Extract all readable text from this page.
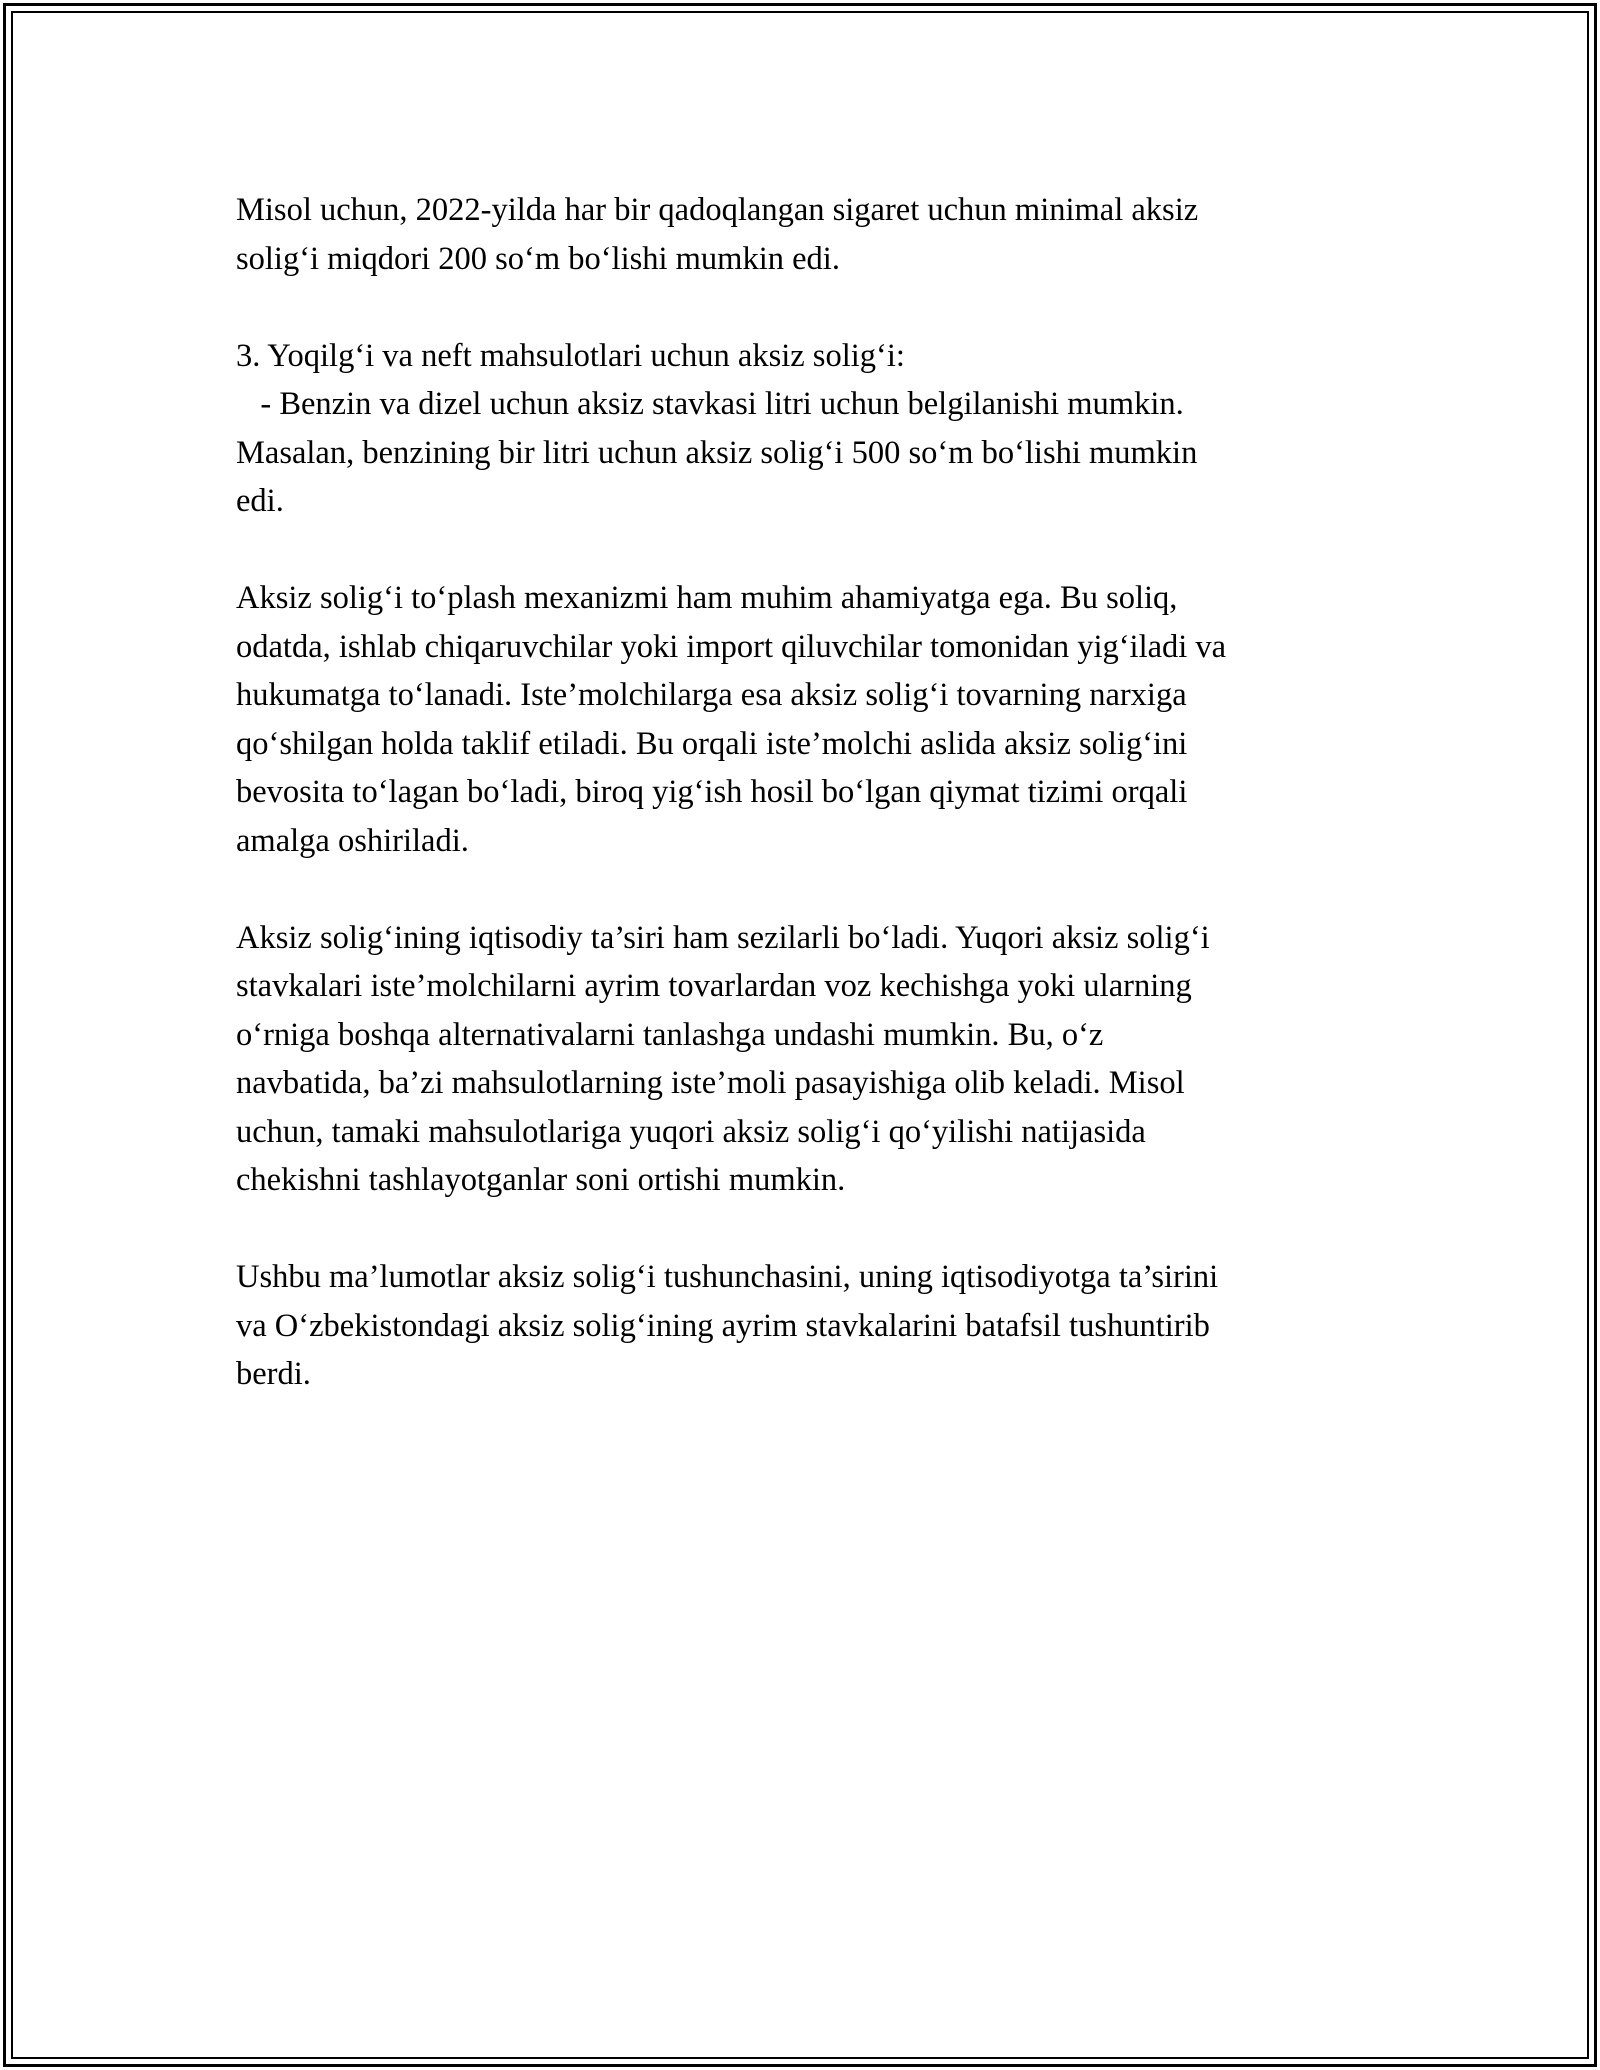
Misol uchun, 2022-yilda har bir qadoqlangan sigaret uchun minimal aksiz
solig‘i miqdori 200 so‘m bo‘lishi mumkin edi.

3. Yoqilg‘i va neft mahsulotlari uchun aksiz solig‘i:
- Benzin va dizel uchun aksiz stavkasi litri uchun belgilanishi mumkin.
Masalan, benzining bir litri uchun aksiz solig‘i 500 so‘m bo‘lishi mumkin
edi.

Aksiz solig‘i to‘plash mexanizmi ham muhim ahamiyatga ega. Bu soliq,
odatda, ishlab chiqaruvchilar yoki import qiluvchilar tomonidan yig‘iladi va
hukumatga to‘lanadi. Iste’molchilarga esa aksiz solig‘i tovarning narxiga
qo‘shilgan holda taklif etiladi. Bu orqali iste’molchi aslida aksiz solig‘ini
bevosita to‘lagan bo‘ladi, biroq yig‘ish hosil bo‘lgan qiymat tizimi orqali
amalga oshiriladi.

Aksiz solig‘ining iqtisodiy ta’siri ham sezilarli bo‘ladi. Yuqori aksiz solig‘i
stavkalari iste’molchilarni ayrim tovarlardan voz kechishga yoki ularning
o‘rniga boshqa alternativalarni tanlashga undashi mumkin. Bu, o‘z
navbatida, ba’zi mahsulotlarning iste’moli pasayishiga olib keladi. Misol
uchun, tamaki mahsulotlariga yuqori aksiz solig‘i qo‘yilishi natijasida
chekishni tashlayotganlar soni ortishi mumkin.

Ushbu ma’lumotlar aksiz solig‘i tushunchasini, uning iqtisodiyotga ta’sirini
va O‘zbekistondagi aksiz solig‘ining ayrim stavkalarini batafsil tushuntirib
berdi.
